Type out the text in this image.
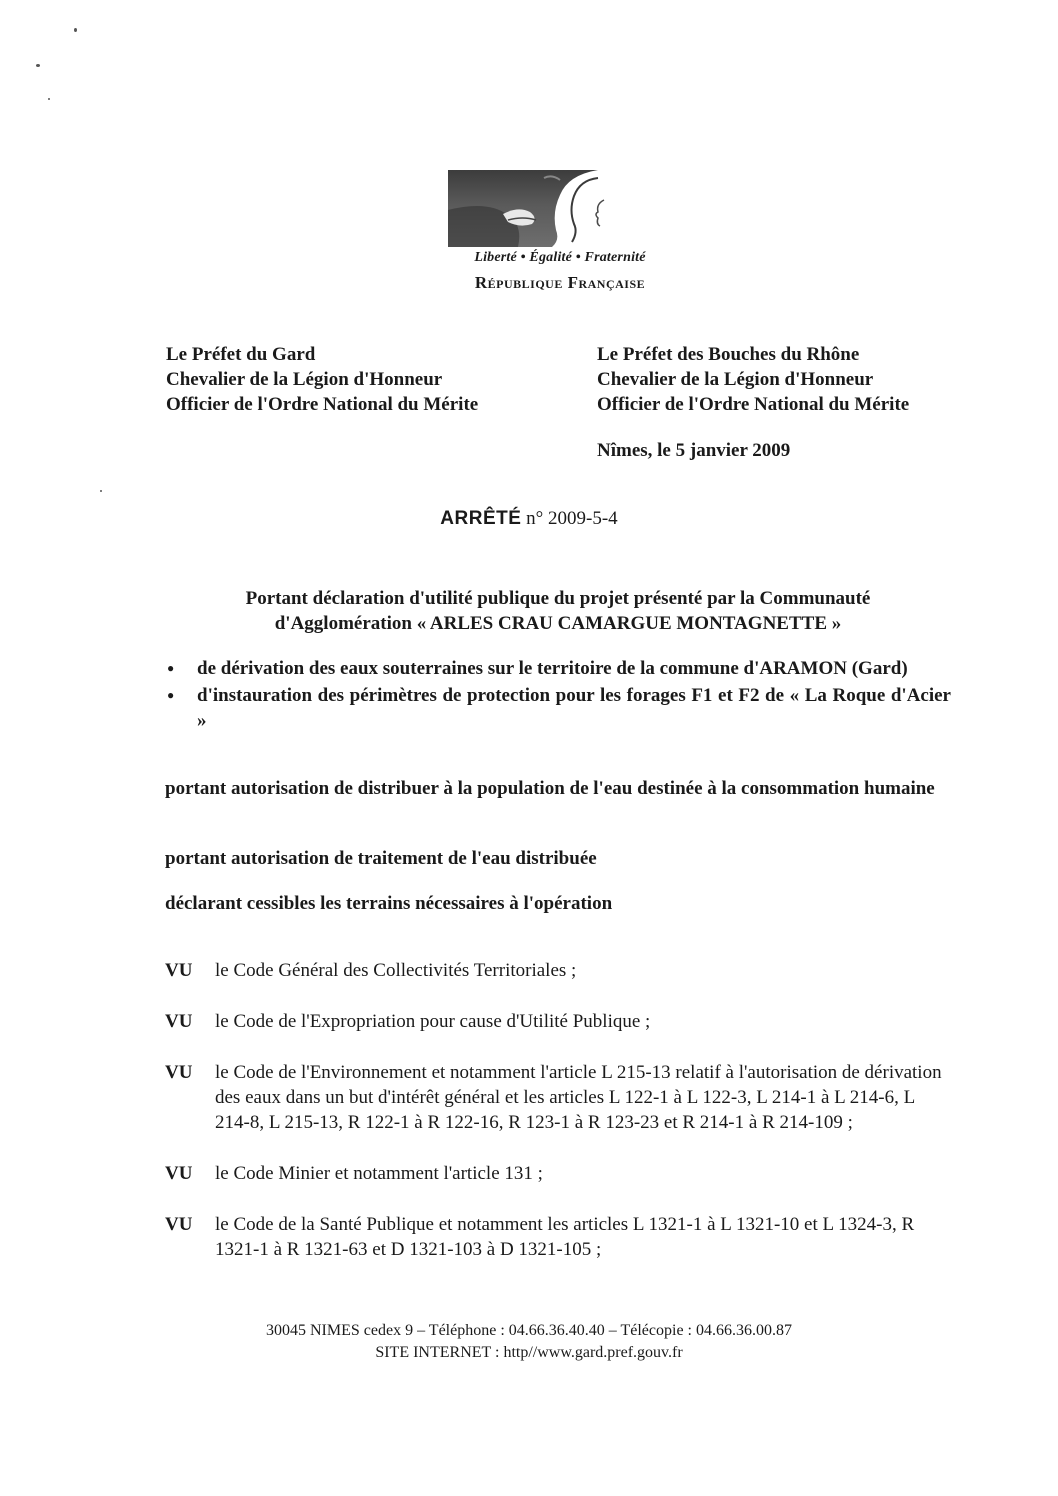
Liberté • Égalité • Fraternité
République Française
Le Préfet du Gard
Chevalier de la Légion d'Honneur
Officier de l'Ordre National du Mérite
Le Préfet des Bouches du Rhône
Chevalier de la Légion d'Honneur
Officier de l'Ordre National du Mérite
Nîmes, le 5 janvier 2009
ARRÊTÉ n° 2009-5-4
Portant déclaration d'utilité publique du projet présenté par la Communauté
d'Agglomération « ARLES CRAU CAMARGUE MONTAGNETTE »
●	de dérivation des eaux souterraines sur le territoire de la commune d'ARAMON (Gard)
●	d'instauration des périmètres de protection pour les forages F1 et F2 de « La Roque d'Acier »
portant autorisation de distribuer à la population de l'eau destinée à la consommation humaine
portant autorisation de traitement de l'eau distribuée
déclarant cessibles les terrains nécessaires à l'opération
VU	le Code Général des Collectivités Territoriales ;
VU	le Code de l'Expropriation pour cause d'Utilité Publique ;
VU	le Code de l'Environnement et notamment l'article L 215-13 relatif à l'autorisation de dérivation des eaux dans un but d'intérêt général et les articles L 122-1 à L 122-3, L 214-1 à L 214-6, L 214-8, L 215-13, R 122-1 à R 122-16, R 123-1 à R 123-23 et R 214-1 à R 214-109 ;
VU	le Code Minier et notamment l'article 131 ;
VU	le Code de la Santé Publique et notamment les articles L 1321-1 à L 1321-10 et L 1324-3, R 1321-1 à R 1321-63 et D 1321-103 à D 1321-105 ;
30045 NIMES cedex 9 – Téléphone : 04.66.36.40.40 – Télécopie : 04.66.36.00.87
SITE INTERNET : http//www.gard.pref.gouv.fr
